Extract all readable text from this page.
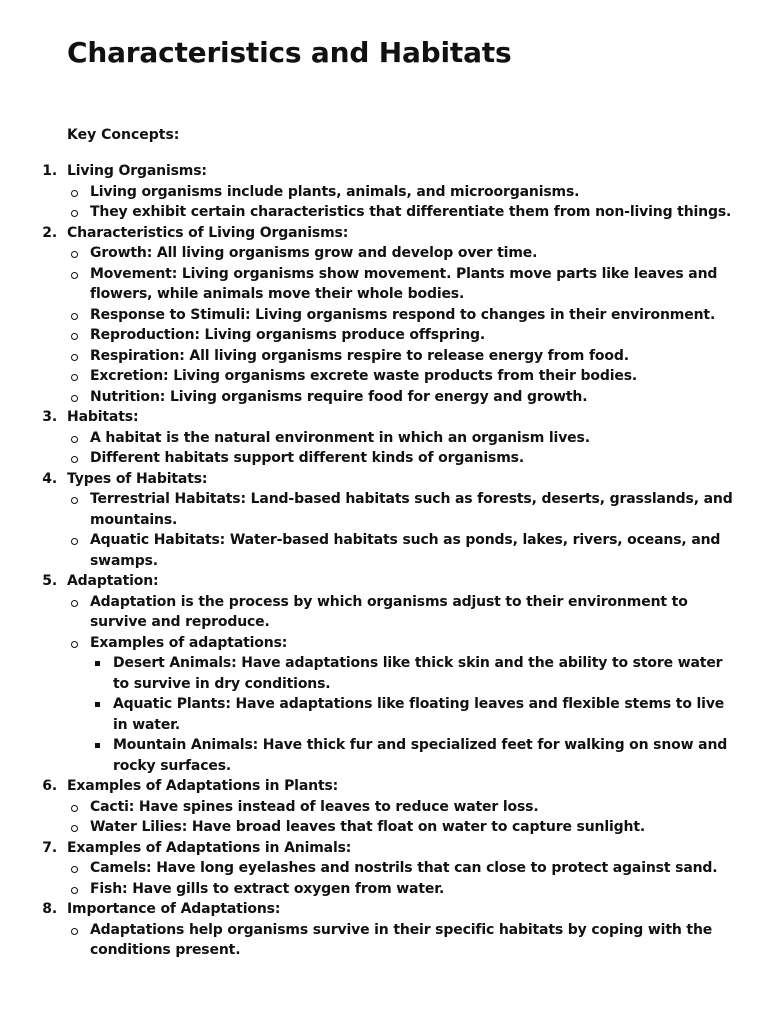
Characteristics and Habitats
Key Concepts:
1. Living Organisms:
Living organisms include plants, animals, and microorganisms.
They exhibit certain characteristics that differentiate them from non-living things.
2. Characteristics of Living Organisms:
Growth: All living organisms grow and develop over time.
Movement: Living organisms show movement. Plants move parts like leaves and flowers, while animals move their whole bodies.
Response to Stimuli: Living organisms respond to changes in their environment.
Reproduction: Living organisms produce offspring.
Respiration: All living organisms respire to release energy from food.
Excretion: Living organisms excrete waste products from their bodies.
Nutrition: Living organisms require food for energy and growth.
3. Habitats:
A habitat is the natural environment in which an organism lives.
Different habitats support different kinds of organisms.
4. Types of Habitats:
Terrestrial Habitats: Land-based habitats such as forests, deserts, grasslands, and mountains.
Aquatic Habitats: Water-based habitats such as ponds, lakes, rivers, oceans, and swamps.
5. Adaptation:
Adaptation is the process by which organisms adjust to their environment to survive and reproduce.
Examples of adaptations:
Desert Animals: Have adaptations like thick skin and the ability to store water to survive in dry conditions.
Aquatic Plants: Have adaptations like floating leaves and flexible stems to live in water.
Mountain Animals: Have thick fur and specialized feet for walking on snow and rocky surfaces.
6. Examples of Adaptations in Plants:
Cacti: Have spines instead of leaves to reduce water loss.
Water Lilies: Have broad leaves that float on water to capture sunlight.
7. Examples of Adaptations in Animals:
Camels: Have long eyelashes and nostrils that can close to protect against sand.
Fish: Have gills to extract oxygen from water.
8. Importance of Adaptations:
Adaptations help organisms survive in their specific habitats by coping with the conditions present.
